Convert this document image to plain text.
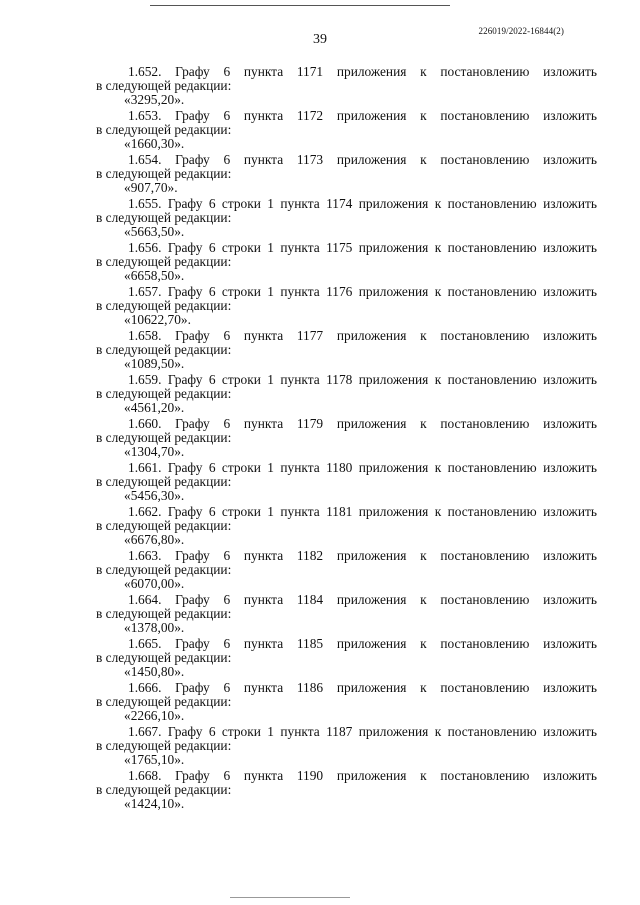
39
226019/2022-16844(2)
1.652. Графу 6 пункта 1171 приложения к постановлению изложить
в следующей редакции:
«3295,20».
1.653. Графу 6 пункта 1172 приложения к постановлению изложить
в следующей редакции:
«1660,30».
1.654. Графу 6 пункта 1173 приложения к постановлению изложить
в следующей редакции:
«907,70».
1.655. Графу 6 строки 1 пункта 1174 приложения к постановлению изложить
в следующей редакции:
«5663,50».
1.656. Графу 6 строки 1 пункта 1175 приложения к постановлению изложить
в следующей редакции:
«6658,50».
1.657. Графу 6 строки 1 пункта 1176 приложения к постановлению изложить
в следующей редакции:
«10622,70».
1.658. Графу 6 пункта 1177 приложения к постановлению изложить
в следующей редакции:
«1089,50».
1.659. Графу 6 строки 1 пункта 1178 приложения к постановлению изложить
в следующей редакции:
«4561,20».
1.660. Графу 6 пункта 1179 приложения к постановлению изложить
в следующей редакции:
«1304,70».
1.661. Графу 6 строки 1 пункта 1180 приложения к постановлению изложить
в следующей редакции:
«5456,30».
1.662. Графу 6 строки 1 пункта 1181 приложения к постановлению изложить
в следующей редакции:
«6676,80».
1.663. Графу 6 пункта 1182 приложения к постановлению изложить
в следующей редакции:
«6070,00».
1.664. Графу 6 пункта 1184 приложения к постановлению изложить
в следующей редакции:
«1378,00».
1.665. Графу 6 пункта 1185 приложения к постановлению изложить
в следующей редакции:
«1450,80».
1.666. Графу 6 пункта 1186 приложения к постановлению изложить
в следующей редакции:
«2266,10».
1.667. Графу 6 строки 1 пункта 1187 приложения к постановлению изложить
в следующей редакции:
«1765,10».
1.668. Графу 6 пункта 1190 приложения к постановлению изложить
в следующей редакции:
«1424,10».
